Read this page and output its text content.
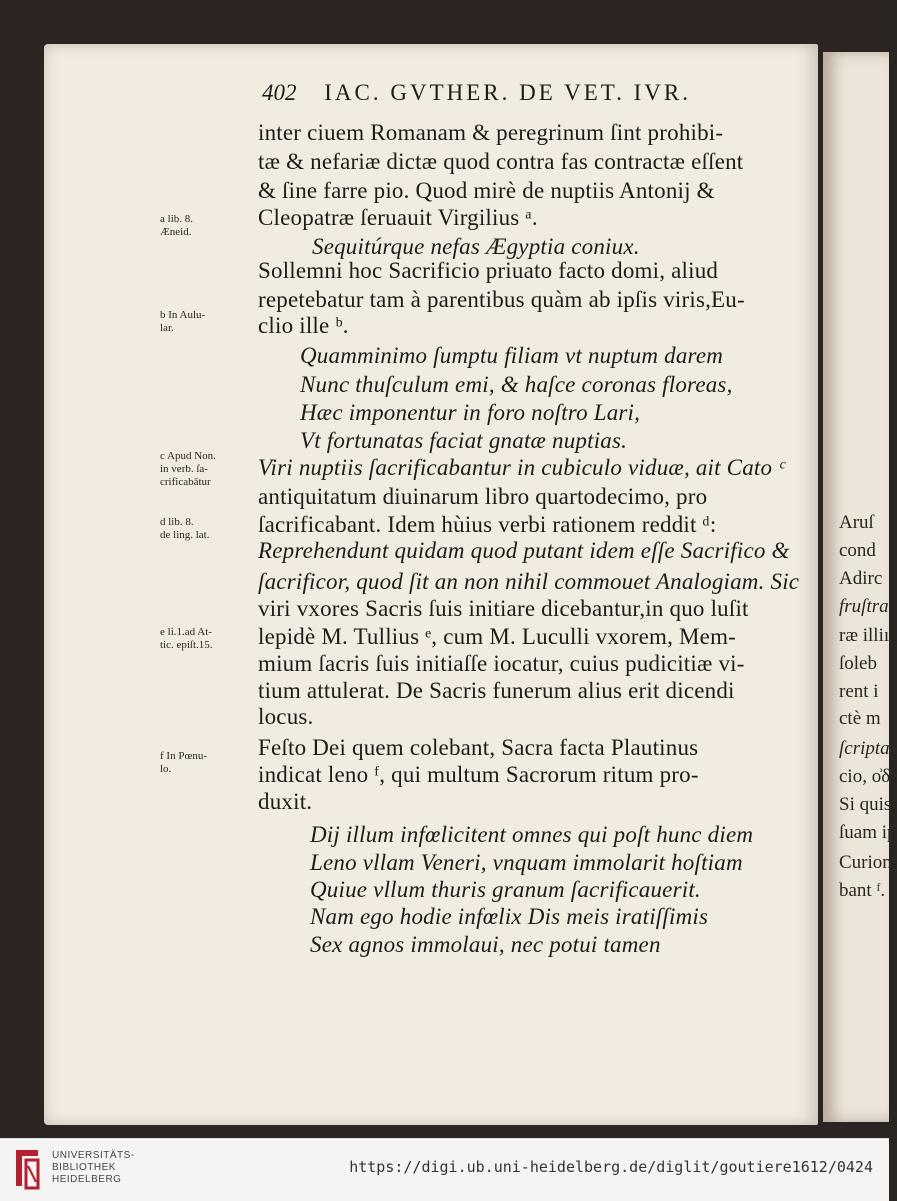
Aruſ
cond
Adirc
fruſtra
ræ illiı
ſoleb
rent i
ctè m
ſcripta
cio, ο͗δ
Si quis
ſuam ip
Curion
bant ᶠ.
402 IAC. GVTHER. DE VET. IVR.
inter ciuem Romanam & peregrinum ſint prohibi-
tæ & nefariæ dictæ quod contra fas contractæ eſſent
& ſine farre pio. Quod mirè de nuptiis Antonij &
Cleopatræ ſeruauit Virgilius ᵃ.
Sequitúrque nefas Ægyptia coniux.
Sollemni hoc Sacrificio priuato facto domi, aliud
repetebatur tam à parentibus quàm ab ipſis viris,Eu-
clio ille ᵇ.
Quamminimo ſumptu filiam vt nuptum darem
Nunc thuſculum emi, & haſce coronas floreas,
Hæc imponentur in foro noſtro Lari,
Vt fortunatas faciat gnatæ nuptias.
Viri nuptiis ſacrificabantur in cubiculo viduæ, ait Cato ᶜ
antiquitatum diuinarum libro quartodecimo, pro
ſacrificabant. Idem hùius verbi rationem reddit ᵈ:
Reprehendunt quidam quod putant idem eſſe Sacrifico &
ſacrificor, quod ſit an non nihil commouet Analogiam. Sic
viri vxores Sacris ſuis initiare dicebantur,in quo luſit
lepidè M. Tullius ᵉ, cum M. Luculli vxorem, Mem-
mium ſacris ſuis initiaſſe iocatur, cuius pudicitiæ vi-
tium attulerat. De Sacris funerum alius erit dicendi
locus.
Feſto Dei quem colebant, Sacra facta Plautinus
indicat leno ᶠ, qui multum Sacrorum ritum pro-
duxit.
Dij illum infœlicitent omnes qui poſt hunc diem
Leno vllam Veneri, vnquam immolarit hoſtiam
Quiue vllum thuris granum ſacrificauerit.
Nam ego hodie infœlix Dis meis iratiſſimis
Sex agnos immolaui, nec potui tamen
a lib. 8.
Æneid.
b In Aulu-
lar.
c Apud Non.
in verb. ſa-
crificabātur
d lib. 8.
de ling. lat.
e li.1.ad At-
tic. epiſt.15.
f In Pœnu-
lo.
UNIVERSITÄTS-
BIBLIOTHEK
HEIDELBERG
https://digi.ub.uni-heidelberg.de/diglit/goutiere1612/0424
